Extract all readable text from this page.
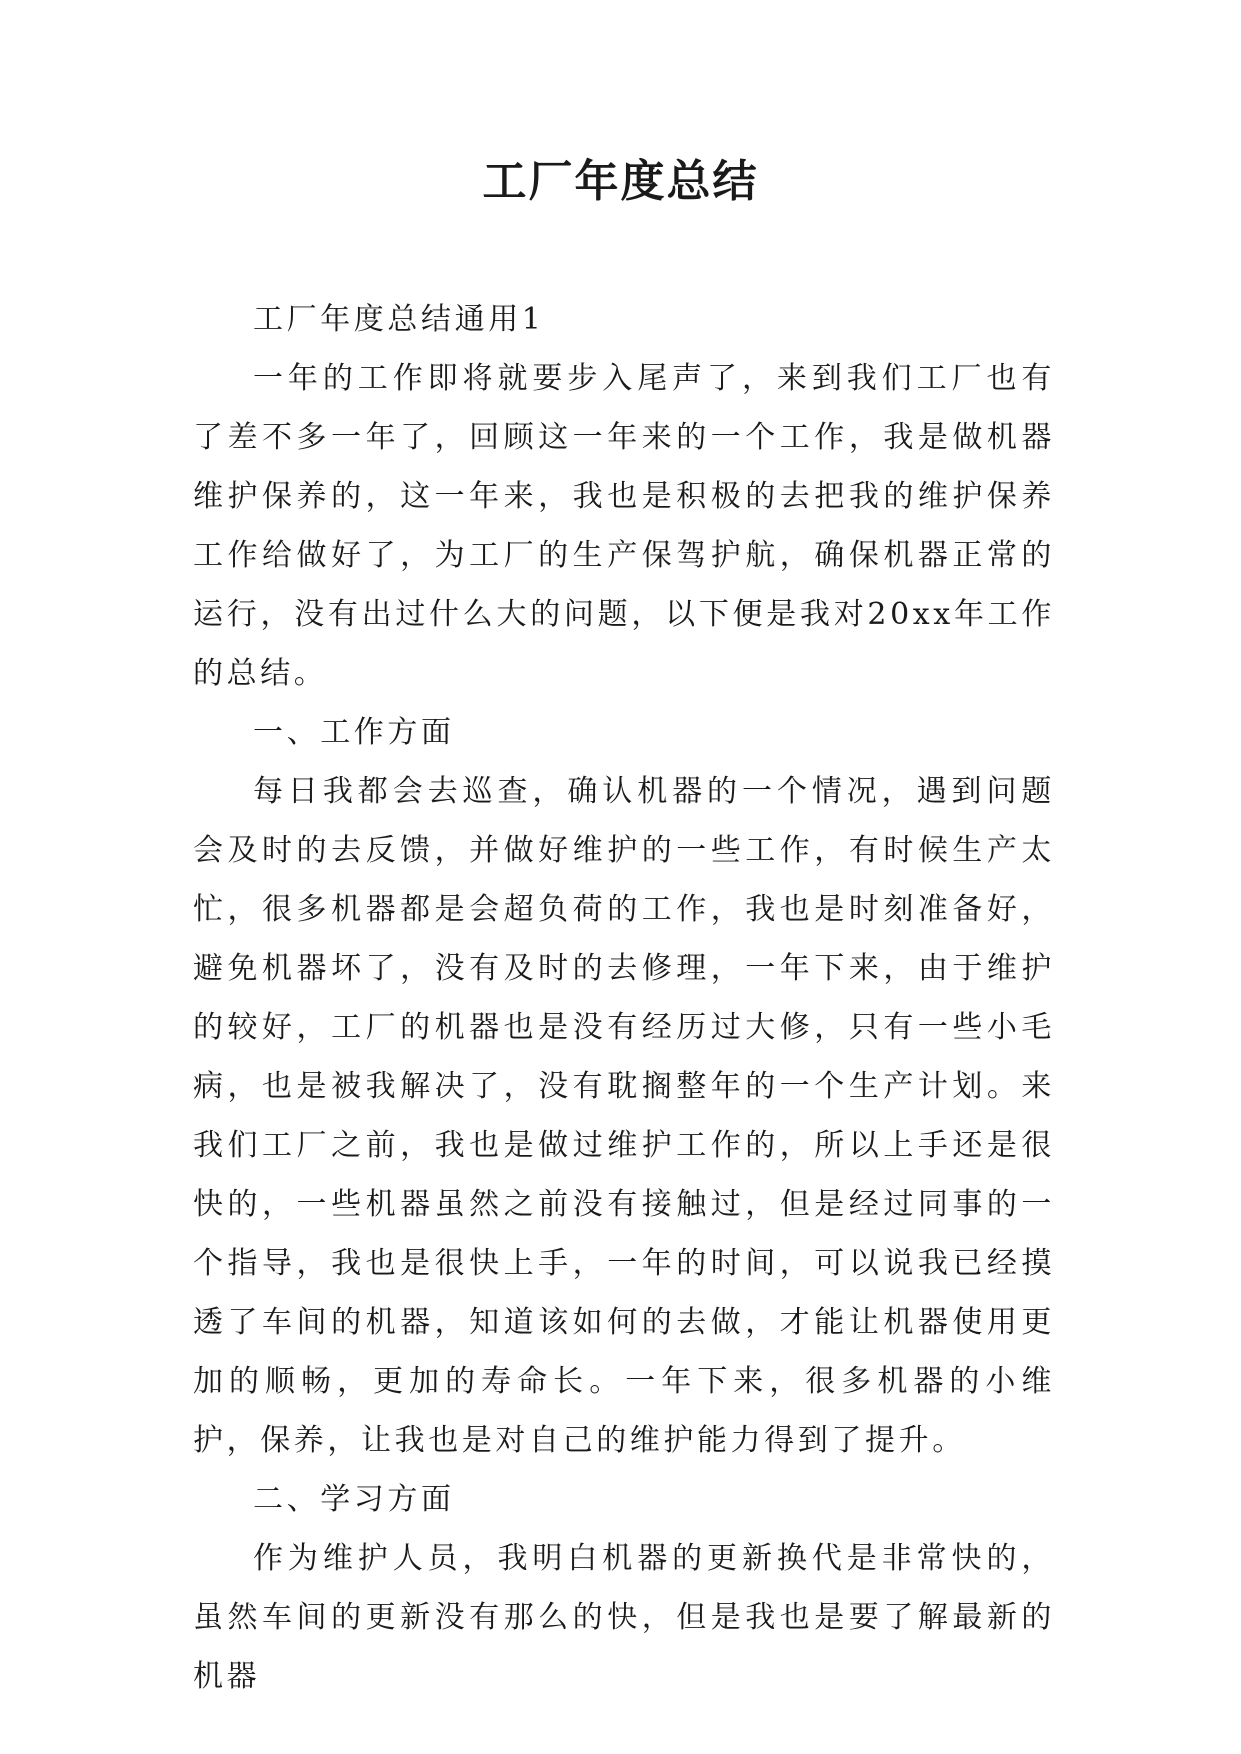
工厂年度总结

工厂年度总结通用1

一年的工作即将就要步入尾声了，来到我们工厂也有了差不多一年了，回顾这一年来的一个工作，我是做机器维护保养的，这一年来，我也是积极的去把我的维护保养工作给做好了，为工厂的生产保驾护航，确保机器正常的运行，没有出过什么大的问题，以下便是我对20xx年工作的总结。

一、工作方面

每日我都会去巡查，确认机器的一个情况，遇到问题会及时的去反馈，并做好维护的一些工作，有时候生产太忙，很多机器都是会超负荷的工作，我也是时刻准备好，避免机器坏了，没有及时的去修理，一年下来，由于维护的较好，工厂的机器也是没有经历过大修，只有一些小毛病，也是被我解决了，没有耽搁整年的一个生产计划。来我们工厂之前，我也是做过维护工作的，所以上手还是很快的，一些机器虽然之前没有接触过，但是经过同事的一个指导，我也是很快上手，一年的时间，可以说我已经摸透了车间的机器，知道该如何的去做，才能让机器使用更加的顺畅，更加的寿命长。一年下来，很多机器的小维护，保养，让我也是对自己的维护能力得到了提升。

二、学习方面

作为维护人员，我明白机器的更新换代是非常快的，虽然车间的更新没有那么的快，但是我也是要了解最新的机器
